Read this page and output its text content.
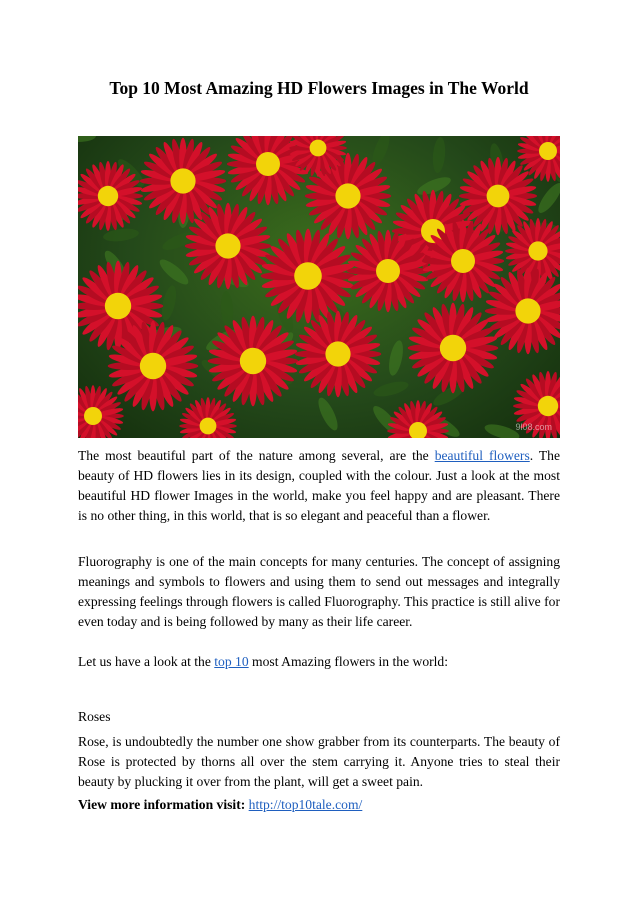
Top 10 Most Amazing HD Flowers Images in The World
9l08.com

The most beautiful part of the nature among several, are the beautiful flowers. The beauty of HD flowers lies in its design, coupled with the colour. Just a look at the most beautiful HD flower Images in the world, make you feel happy and are pleasant. There is no other thing, in this world, that is so elegant and peaceful than a flower.

Fluorography is one of the main concepts for many centuries. The concept of assigning meanings and symbols to flowers and using them to send out messages and integrally expressing feelings through flowers is called Fluorography. This practice is still alive for even today and is being followed by many as their life career.

Let us have a look at the top 10 most Amazing flowers in the world:

Roses

Rose, is undoubtedly the number one show grabber from its counterparts. The beauty of Rose is protected by thorns all over the stem carrying it. Anyone tries to steal their beauty by plucking it over from the plant, will get a sweet pain.

View more information visit: http://top10tale.com/
